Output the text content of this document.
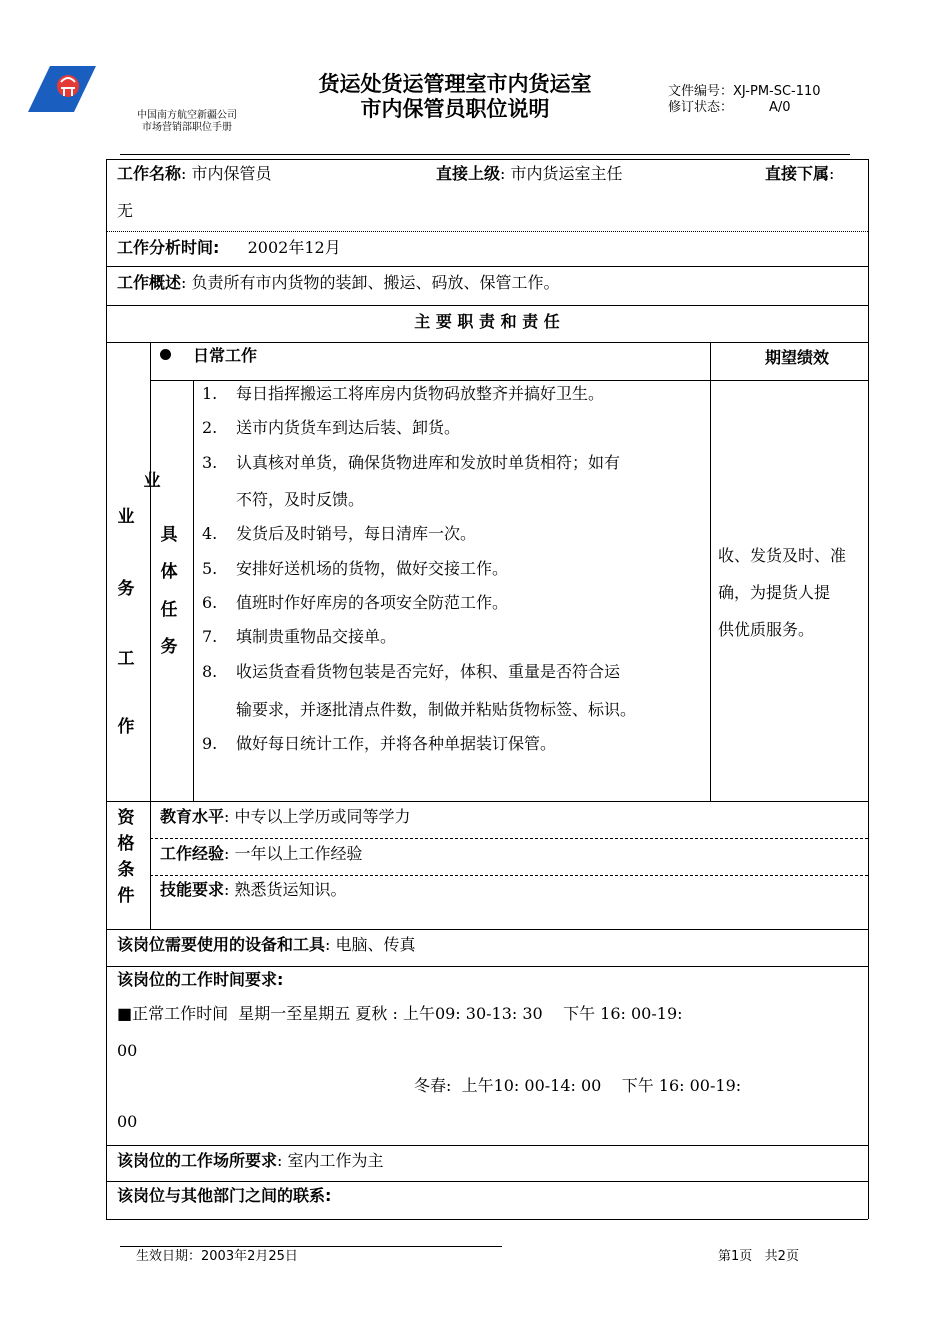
中国南方航空新疆公司
市场营销部职位手册
货运处货运管理室市内货运室
市内保管员职位说明
文件编号：XJ-PM-SC-110
修订状态：	A/0
工作名称: 市内保管员	直接上级: 市内货运室主任	直接下属:
无
工作分析时间: 2002年12月
工作概述: 负责所有市内货物的装卸、搬运、码放、保管工作。
主 要 职 责 和 责 任
日常工作	期望绩效
业
务
工
作
业
具
体
任
务
1. 每日指挥搬运工将库房内货物码放整齐并搞好卫生。
2. 送市内货货车到达后装、卸货。
3. 认真核对单货，确保货物进库和发放时单货相符；如有
不符，及时反馈。
4. 发货后及时销号，每日清库一次。
5. 安排好送机场的货物，做好交接工作。
6. 值班时作好库房的各项安全防范工作。
7. 填制贵重物品交接单。
8. 收运货查看货物包装是否完好，体积、重量是否符合运
输要求，并逐批清点件数，制做并粘贴货物标签、标识。
9. 做好每日统计工作，并将各种单据装订保管。
收、发货及时、准
确，为提货人提
供优质服务。
资
格
条
件
教育水平: 中专以上学历或同等学力
工作经验: 一年以上工作经验
技能要求: 熟悉货运知识。
该岗位需要使用的设备和工具: 电脑、传真
该岗位的工作时间要求:
■正常工作时间  星期一至星期五 夏秋 : 上午09: 30-13: 30    下午 16: 00-19:
00
冬春:  上午10: 00-14: 00    下午 16: 00-19:
00
该岗位的工作场所要求: 室内工作为主
该岗位与其他部门之间的联系:
生效日期：2003年2月25日	第1页   共2页
